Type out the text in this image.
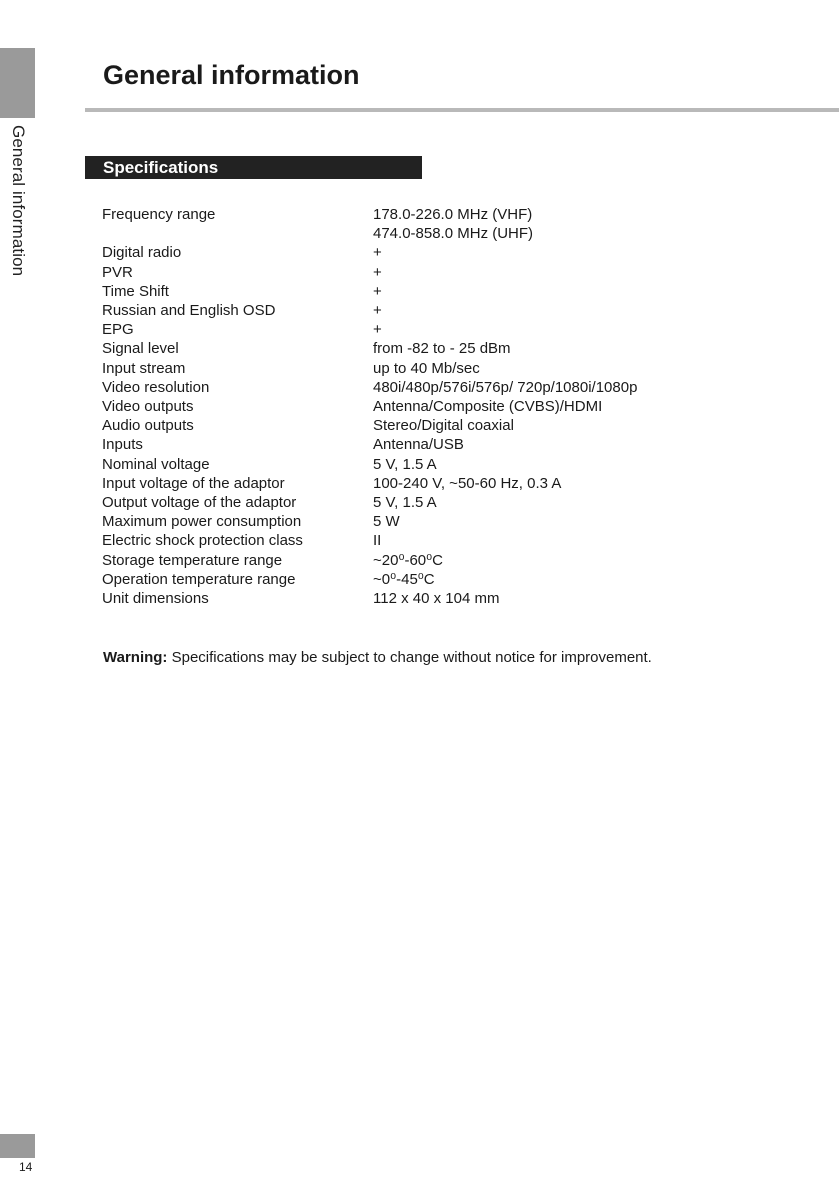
General information
General information
Specifications
Frequency range	178.0-226.0 MHz (VHF)
474.0-858.0 MHz (UHF)
Digital radio	+
PVR	+
Time Shift	+
Russian and English OSD	+
EPG	+
Signal level	from -82 to - 25 dBm
Input stream	up to 40 Mb/sec
Video resolution	480i/480p/576i/576p/ 720p/1080i/1080p
Video outputs	Antenna/Composite (CVBS)/HDMI
Audio outputs	Stereo/Digital coaxial
Inputs	Antenna/USB
Nominal voltage	5 V, 1.5 A
Input voltage of the adaptor	100-240 V, ~50-60 Hz, 0.3 A
Output voltage of the adaptor	5 V, 1.5 A
Maximum power consumption	5 W
Electric shock protection class	II
Storage temperature range	~20⁰-60⁰C
Operation temperature range	~0⁰-45⁰C
Unit dimensions	112 x 40 x 104 mm
Warning: Specifications may be subject to change without notice for improvement.
14
